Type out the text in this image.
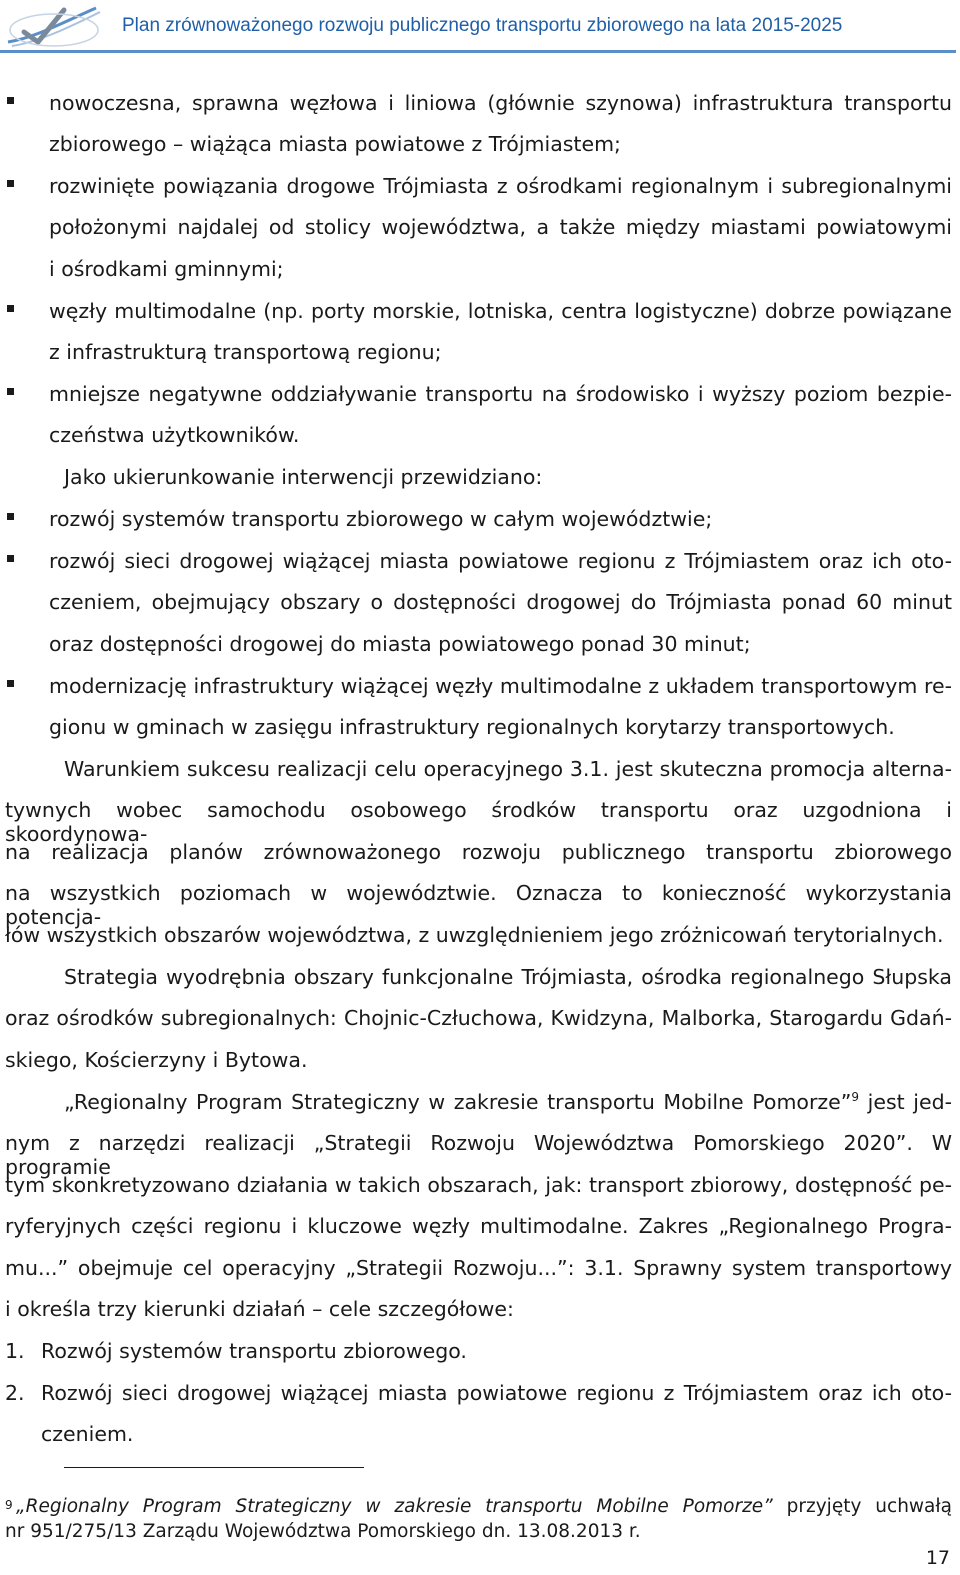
Plan zrównoważonego rozwoju publicznego transportu zbiorowego na lata 2015-2025
nowoczesna, sprawna węzłowa i liniowa (głównie szynowa) infrastruktura transportu
zbiorowego – wiążąca miasta powiatowe z Trójmiastem;
rozwinięte powiązania drogowe Trójmiasta z ośrodkami regionalnym i subregionalnymi
położonymi najdalej od stolicy województwa, a także między miastami powiatowymi
i ośrodkami gminnymi;
węzły multimodalne (np. porty morskie, lotniska, centra logistyczne) dobrze powiązane
z infrastrukturą transportową regionu;
mniejsze negatywne oddziaływanie transportu na środowisko i wyższy poziom bezpie-
czeństwa użytkowników.
Jako ukierunkowanie interwencji przewidziano:
rozwój systemów transportu zbiorowego w całym województwie;
rozwój sieci drogowej wiążącej miasta powiatowe regionu z Trójmiastem oraz ich oto-
czeniem, obejmujący obszary o dostępności drogowej do Trójmiasta ponad 60 minut
oraz dostępności drogowej do miasta powiatowego ponad 30 minut;
modernizację infrastruktury wiążącej węzły multimodalne z układem transportowym re-
gionu w gminach w zasięgu infrastruktury regionalnych korytarzy transportowych.
Warunkiem sukcesu realizacji celu operacyjnego 3.1. jest skuteczna promocja alterna-
tywnych wobec samochodu osobowego środków transportu oraz uzgodniona i skoordynowa-
na realizacja planów zrównoważonego rozwoju publicznego transportu zbiorowego
na wszystkich poziomach w województwie. Oznacza to konieczność wykorzystania potencja-
łów wszystkich obszarów województwa, z uwzględnieniem jego zróżnicowań terytorialnych.
Strategia wyodrębnia obszary funkcjonalne Trójmiasta, ośrodka regionalnego Słupska
oraz ośrodków subregionalnych: Chojnic-Człuchowa, Kwidzyna, Malborka, Starogardu Gdań-
skiego, Kościerzyny i Bytowa.
„Regionalny Program Strategiczny w zakresie transportu Mobilne Pomorze”$^9$ jest jed-
nym z narzędzi realizacji „Strategii Rozwoju Województwa Pomorskiego 2020”. W programie
tym skonkretyzowano działania w takich obszarach, jak: transport zbiorowy, dostępność pe-
ryferyjnych części regionu i kluczowe węzły multimodalne. Zakres „Regionalnego Progra-
mu...” obejmuje cel operacyjny „Strategii Rozwoju...”: 3.1. Sprawny system transportowy
i określa trzy kierunki działań – cele szczegółowe:
1. Rozwój systemów transportu zbiorowego.
2. Rozwój sieci drogowej wiążącej miasta powiatowe regionu z Trójmiastem oraz ich oto-
czeniem.
9 „Regionalny Program Strategiczny w zakresie transportu Mobilne Pomorze” przyjęty uchwałą
nr 951/275/13 Zarządu Województwa Pomorskiego dn. 13.08.2013 r.
17
